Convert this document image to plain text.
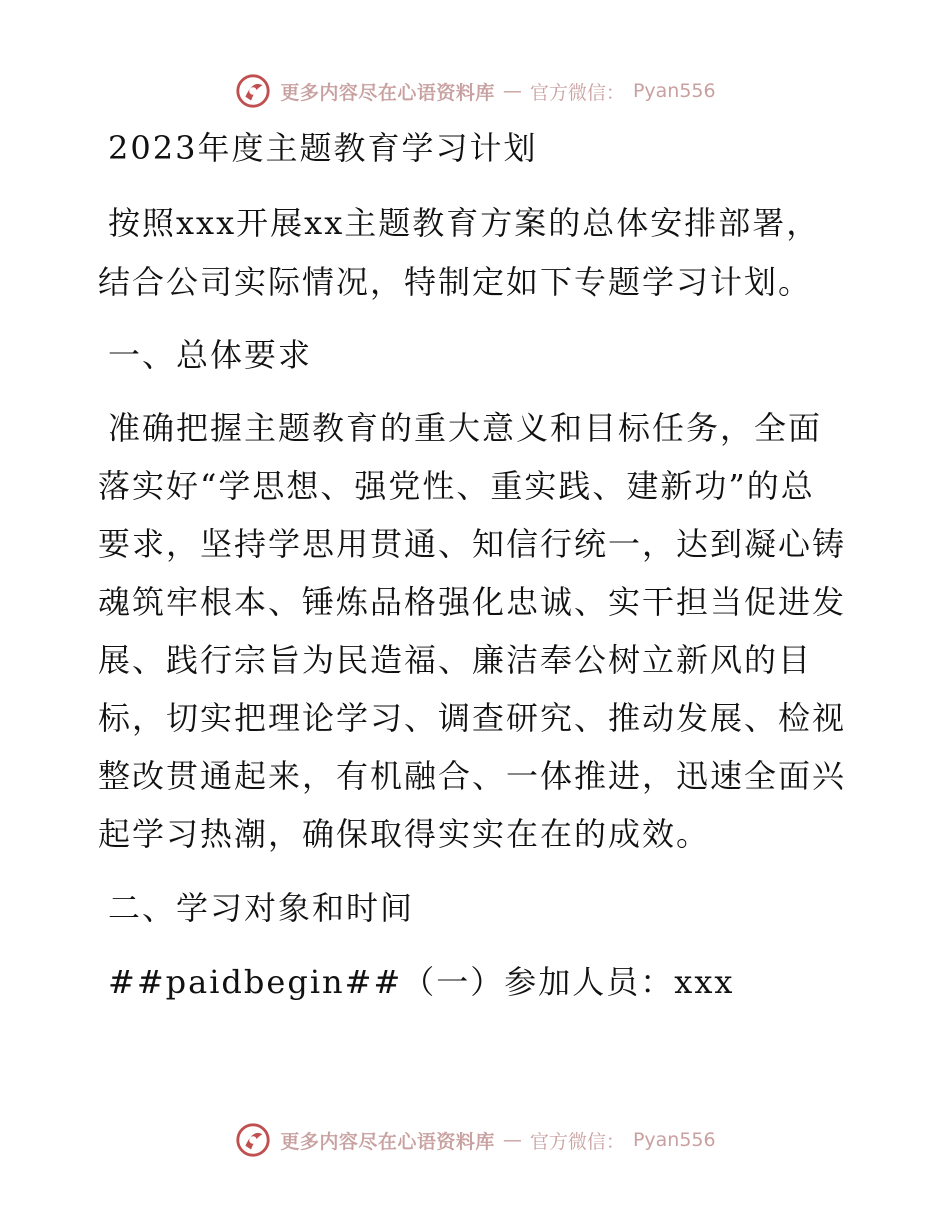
更多内容尽在心语资料库 — 官方微信： Pyan556
2023年度主题教育学习计划
按照xxx开展xx主题教育方案的总体安排部署，
结合公司实际情况，特制定如下专题学习计划。
一、总体要求
准确把握主题教育的重大意义和目标任务，全面
落实好“学思想、强党性、重实践、建新功”的总
要求，坚持学思用贯通、知信行统一，达到凝心铸
魂筑牢根本、锤炼品格强化忠诚、实干担当促进发
展、践行宗旨为民造福、廉洁奉公树立新风的目
标，切实把理论学习、调查研究、推动发展、检视
整改贯通起来，有机融合、一体推进，迅速全面兴
起学习热潮，确保取得实实在在的成效。
二、学习对象和时间
##paidbegin##（一）参加人员：xxx
更多内容尽在心语资料库 — 官方微信： Pyan556
